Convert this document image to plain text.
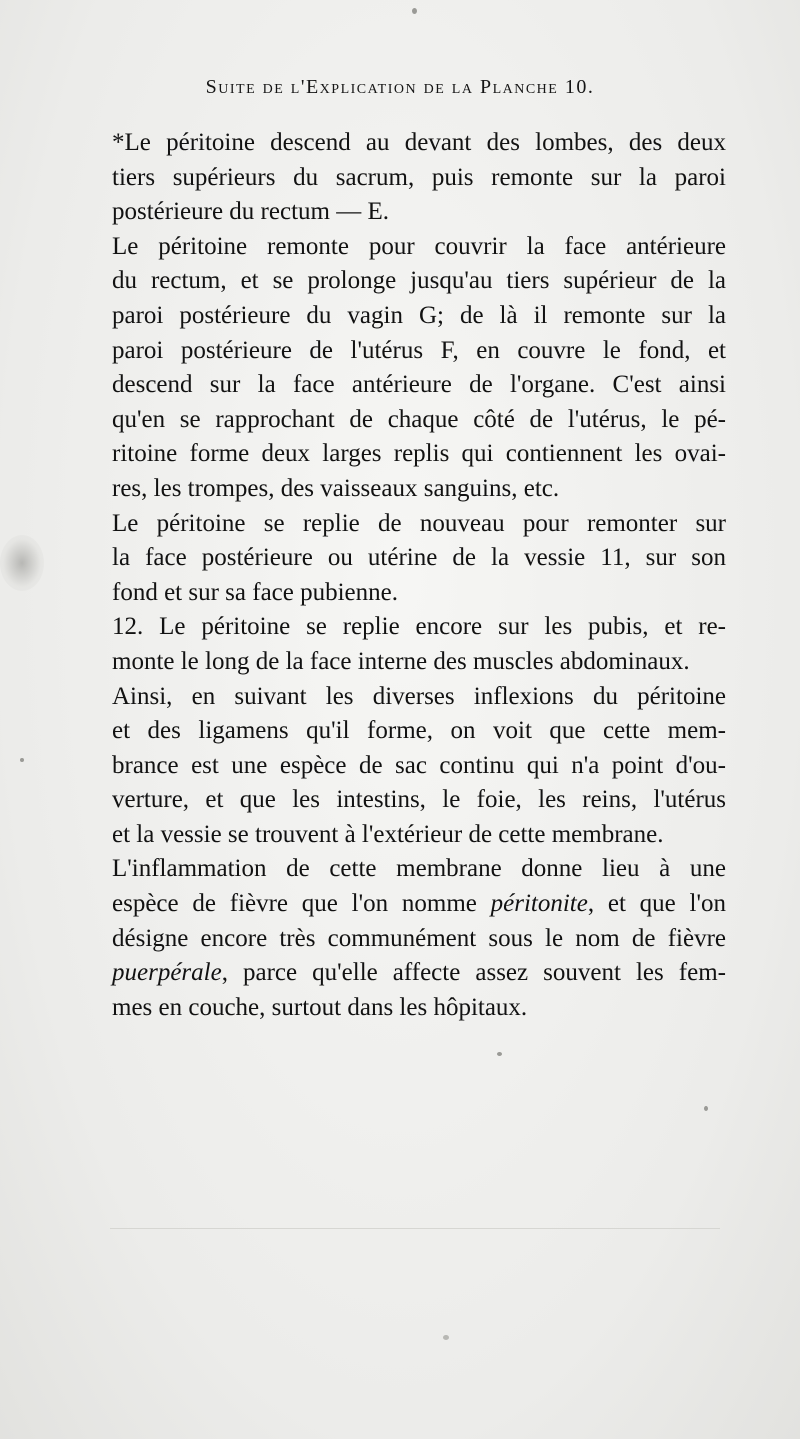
Suite de l'Explication de la Planche 10.

*Le péritoine descend au devant des lombes, des deux
tiers supérieurs du sacrum, puis remonte sur la paroi
postérieure du rectum — E.

Le péritoine remonte pour couvrir la face antérieure
du rectum, et se prolonge jusqu'au tiers supérieur de la
paroi postérieure du vagin G; de là il remonte sur la
paroi postérieure de l'utérus F, en couvre le fond, et
descend sur la face antérieure de l'organe. C'est ainsi
qu'en se rapprochant de chaque côté de l'utérus, le pé-
ritoine forme deux larges replis qui contiennent les ovai-
res, les trompes, des vaisseaux sanguins, etc.

Le péritoine se replie de nouveau pour remonter sur
la face postérieure ou utérine de la vessie 11, sur son
fond et sur sa face pubienne.

12. Le péritoine se replie encore sur les pubis, et re-
monte le long de la face interne des muscles abdominaux.

Ainsi, en suivant les diverses inflexions du péritoine
et des ligamens qu'il forme, on voit que cette mem-
brance est une espèce de sac continu qui n'a point d'ou-
verture, et que les intestins, le foie, les reins, l'utérus
et la vessie se trouvent à l'extérieur de cette membrane.

L'inflammation de cette membrane donne lieu à une
espèce de fièvre que l'on nomme péritonite, et que l'on
désigne encore très communément sous le nom de fièvre
puerpérale, parce qu'elle affecte assez souvent les fem-
mes en couche, surtout dans les hôpitaux.
